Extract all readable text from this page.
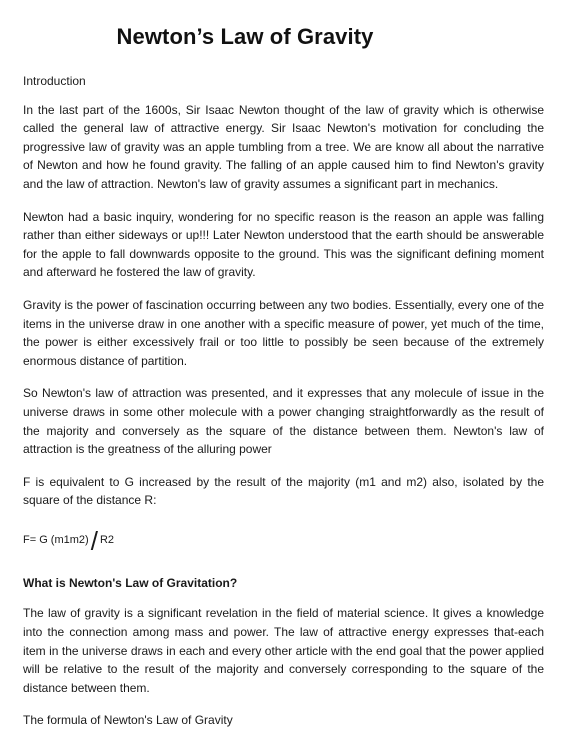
Newton’s Law of Gravity

Introduction

In the last part of the 1600s, Sir Isaac Newton thought of the law of gravity which is otherwise called the general law of attractive energy. Sir Isaac Newton's motivation for concluding the progressive law of gravity was an apple tumbling from a tree. We are know all about the narrative of Newton and how he found gravity. The falling of an apple caused him to find Newton's gravity and the law of attraction. Newton's law of gravity assumes a significant part in mechanics.

Newton had a basic inquiry, wondering for no specific reason is the reason an apple was falling rather than either sideways or up!!! Later Newton understood that the earth should be answerable for the apple to fall downwards opposite to the ground. This was the significant defining moment and afterward he fostered the law of gravity.

Gravity is the power of fascination occurring between any two bodies. Essentially, every one of the items in the universe draw in one another with a specific measure of power, yet much of the time, the power is either excessively frail or too little to possibly be seen because of the extremely enormous distance of partition.

So Newton's law of attraction was presented, and it expresses that any molecule of issue in the universe draws in some other molecule with a power changing straightforwardly as the result of the majority and conversely as the square of the distance between them. Newton's law of attraction is the greatness of the alluring power

F is equivalent to G increased by the result of the majority (m1 and m2) also, isolated by the square of the distance R:

F= G (m1m2) / R2

What is Newton's Law of Gravitation?

The law of gravity is a significant revelation in the field of material science. It gives a knowledge into the connection among mass and power. The law of attractive energy expresses that-each item in the universe draws in each and every other article with the end goal that the power applied will be relative to the result of the majority and conversely corresponding to the square of the distance between them.

The formula of Newton's Law of Gravity
